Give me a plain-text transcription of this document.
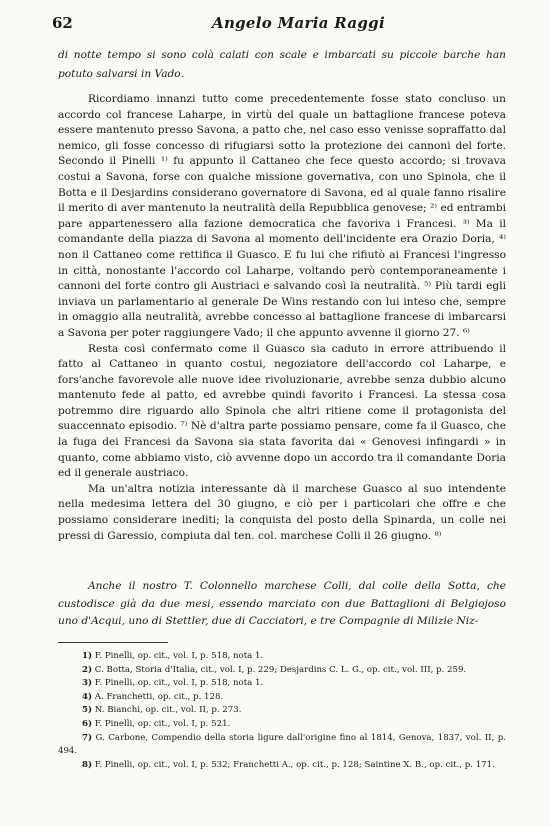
62	Angelo Maria Raggi
di notte tempo si sono colà calati con scale e imbarcati su piccole barche han potuto salvarsi in Vado.

Ricordiamo innanzi tutto come precedentemente fosse stato concluso un accordo col francese Laharpe, in virtù del quale un battaglione francese poteva essere mantenuto presso Savona, a patto che, nel caso esso venisse sopraffatto dal nemico, gli fosse concesso di rifugiarsi sotto la protezione dei cannoni del forte. Secondo il Pinelli ¹⁾ fu appunto il Cattaneo che fece questo accordo; si trovava costui a Savona, forse con qualche missione governativa, con uno Spinola, che il Botta e il Desjardins considerano governatore di Savona, ed al quale fanno risalire il merito di aver mantenuto la neutralità della Repubblica genovese; ²⁾ ed entrambi pare appartenessero alla fazione democratica che favoriva i Francesi. ³⁾ Ma il comandante della piazza di Savona al momento dell'incidente era Orazio Doria, ⁴⁾ non il Cattaneo come rettifica il Guasco. E fu lui che rifiutò ai Francesi l'ingresso in città, nonostante l'accordo col Laharpe, voltando però contemporaneamente i cannoni del forte contro gli Austriaci e salvando così la neutralità. ⁵⁾ Più tardi egli inviava un parlamentario al generale De Wins restando con lui inteso che, sempre in omaggio alla neutralità, avrebbe concesso al battaglione francese di imbarcarsi a Savona per poter raggiungere Vado; il che appunto avvenne il giorno 27. ⁶⁾

Resta così confermato come il Guasco sia caduto in errore attribuendo il fatto al Cattaneo in quanto costui, negoziatore dell'accordo col Laharpe, e fors'anche favorevole alle nuove idee rivoluzionarie, avrebbe senza dubbio alcuno mantenuto fede al patto, ed avrebbe quindi favorito i Francesi. La stessa cosa potremmo dire riguardo allo Spinola che altri ritiene come il protagonista del suaccennato episodio. ⁷⁾ Nè d'altra parte possiamo pensare, come fa il Guasco, che la fuga dei Francesi da Savona sia stata favorita dai « Genovesi infingardi » in quanto, come abbiamo visto, ciò avvenne dopo un accordo tra il comandante Doria ed il generale austriaco.

Ma un'altra notizia interessante dà il marchese Guasco al suo intendente nella medesima lettera del 30 giugno, e ciò per i particolari che offre e che possiamo considerare inediti; la conquista del posto della Spinarda, un colle nei pressi di Garessio, compiuta dal ten. col. marchese Colli il 26 giugno. ⁸⁾

Anche il nostro T. Colonnello marchese Colli, dal colle della Sotta, che custodisce già da due mesi, essendo marciato con due Battaglioni di Belgiojoso uno d'Acqui, uno di Stettler, due di Cacciatori, e tre Compagnie di Milizie Niz-

1) F. Pinelli, op. cit., vol. I, p. 518, nota 1.

2) C. Botta, Storia d'Italia, cit., vol. I, p. 229; Desjardins C. L. G., op. cit., vol. III, p. 259.

3) F. Pinelli, op. cit., vol. I, p. 518, nota 1.

4) A. Franchetti, op. cit., p. 128.

5) N. Bianchi, op. cit., vol. II, p. 273.

6) F. Pinelli, op. cit., vol. I, p. 521.

7) G. Carbone, Compendio della storia ligure dall'origine fino al 1814, Genova, 1837, vol. II, p. 494.

8) F. Pinelli, op. cit., vol. I, p. 532; Franchetti A., op. cit., p. 128; Saintine X. B., op. cit., p. 171.
